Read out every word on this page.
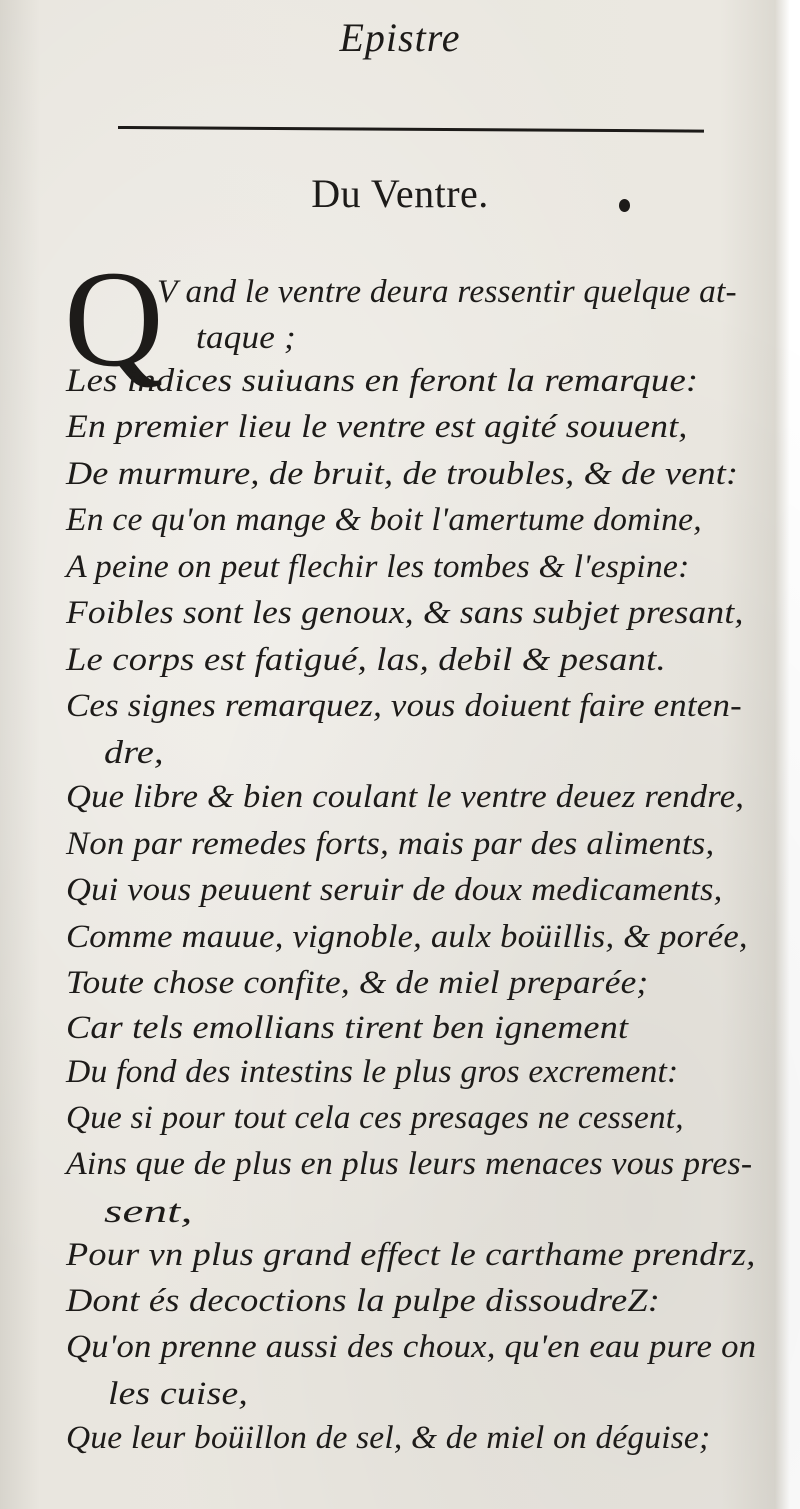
Epistre
Du Ventre.
Q
V and le ventre deura ressentir quelque at-
taque ;
Les indices suiuans en feront la remarque:
En premier lieu le ventre est agité souuent,
De murmure, de bruit, de troubles, & de vent:
En ce qu'on mange & boit l'amertume domine,
A peine on peut flechir les tombes & l'espine:
Foibles sont les genoux, & sans subjet presant,
Le corps est fatigué, las, debil & pesant.
Ces signes remarquez, vous doiuent faire enten-
dre,
Que libre & bien coulant le ventre deuez rendre,
Non par remedes forts, mais par des aliments,
Qui vous peuuent seruir de doux medicaments,
Comme mauue, vignoble, aulx boüillis, & porée,
Toute chose confite, & de miel preparée;
Car tels emollians tirent ben ignement
Du fond des intestins le plus gros excrement:
Que si pour tout cela ces presages ne cessent,
Ains que de plus en plus leurs menaces vous pres-
sent,
Pour vn plus grand effect le carthame prendrz,
Dont és decoctions la pulpe dissoudreZ:
Qu'on prenne aussi des choux, qu'en eau pure on
les cuise,
Que leur boüillon de sel, & de miel on déguise;
